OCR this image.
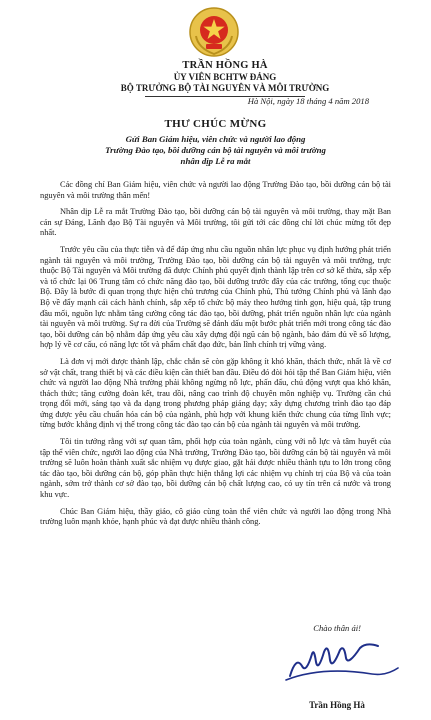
TRẦN HỒNG HÀ
ỦY VIÊN BCHTW ĐẢNG
BỘ TRƯỞNG BỘ TÀI NGUYÊN VÀ MÔI TRƯỜNG
Hà Nội, ngày 18 tháng 4 năm 2018
THƯ CHÚC MỪNG
Gửi Ban Giám hiệu, viên chức và người lao động
Trường Đào tạo, bồi dưỡng cán bộ tài nguyên và môi trường
nhân dịp Lễ ra mắt

Các đồng chí Ban Giám hiệu, viên chức và người lao động Trường Đào tạo, bồi dưỡng cán bộ tài nguyên và môi trường thân mến!

Nhân dịp Lễ ra mắt Trường Đào tạo, bồi dưỡng cán bộ tài nguyên và môi trường, thay mặt Ban cán sự Đảng, Lãnh đạo Bộ Tài nguyên và Môi trường, tôi gửi tới các đồng chí lời chúc mừng tốt đẹp nhất.

Trước yêu cầu của thực tiễn và để đáp ứng nhu cầu nguồn nhân lực phục vụ định hướng phát triển ngành tài nguyên và môi trường, Trường Đào tạo, bồi dưỡng cán bộ tài nguyên và môi trường, trực thuộc Bộ Tài nguyên và Môi trường đã được Chính phủ quyết định thành lập trên cơ sở kế thừa, sắp xếp và tổ chức lại 06 Trung tâm có chức năng đào tạo, bồi dưỡng trước đây của các trường, tổng cục thuộc Bộ. Đây là bước đi quan trọng thực hiện chủ trương của Chính phủ, Thủ tướng Chính phủ và lãnh đạo Bộ về đẩy mạnh cải cách hành chính, sắp xếp tổ chức bộ máy theo hướng tinh gọn, hiệu quả, tập trung đầu mối, nguồn lực nhằm tăng cường công tác đào tạo, bồi dưỡng, phát triển nguồn nhân lực của ngành tài nguyên và môi trường. Sự ra đời của Trường sẽ đánh dấu một bước phát triển mới trong công tác đào tạo, bồi dưỡng cán bộ nhằm đáp ứng yêu cầu xây dựng đội ngũ cán bộ ngành, bảo đảm đủ về số lượng, hợp lý về cơ cấu, có năng lực tốt và phẩm chất đạo đức, bản lĩnh chính trị vững vàng.

Là đơn vị mới được thành lập, chắc chắn sẽ còn gặp không ít khó khăn, thách thức, nhất là về cơ sở vật chất, trang thiết bị và các điều kiện cần thiết ban đầu. Điều đó đòi hỏi tập thể Ban Giám hiệu, viên chức và người lao động Nhà trường phải không ngừng nỗ lực, phấn đấu, chủ động vượt qua khó khăn, thách thức; tăng cường đoàn kết, trau dồi, nâng cao trình độ chuyên môn nghiệp vụ. Trường cần chú trọng đổi mới, sáng tạo và đa dạng trong phương pháp giảng dạy; xây dựng chương trình đào tạo đáp ứng được yêu cầu chuẩn hóa cán bộ của ngành, phù hợp với khung kiến thức chung của từng lĩnh vực; từng bước khẳng định vị thế trong công tác đào tạo cán bộ của ngành tài nguyên và môi trường.

Tôi tin tưởng rằng với sự quan tâm, phối hợp của toàn ngành, cùng với nỗ lực và tâm huyết của tập thể viên chức, người lao động của Nhà trường, Trường Đào tạo, bồi dưỡng cán bộ tài nguyên và môi trường sẽ luôn hoàn thành xuất sắc nhiệm vụ được giao, gặt hái được nhiều thành tựu to lớn trong công tác đào tạo, bồi dưỡng cán bộ, góp phần thực hiện thắng lợi các nhiệm vụ chính trị của Bộ và của toàn ngành, sớm trở thành cơ sở đào tạo, bồi dưỡng cán bộ chất lượng cao, có uy tín trên cả nước và trong khu vực.

Chúc Ban Giám hiệu, thầy giáo, cô giáo cùng toàn thể viên chức và người lao động trong Nhà trường luôn mạnh khỏe, hạnh phúc và đạt được nhiều thành công.

Chào thân ái!
Trần Hồng Hà
